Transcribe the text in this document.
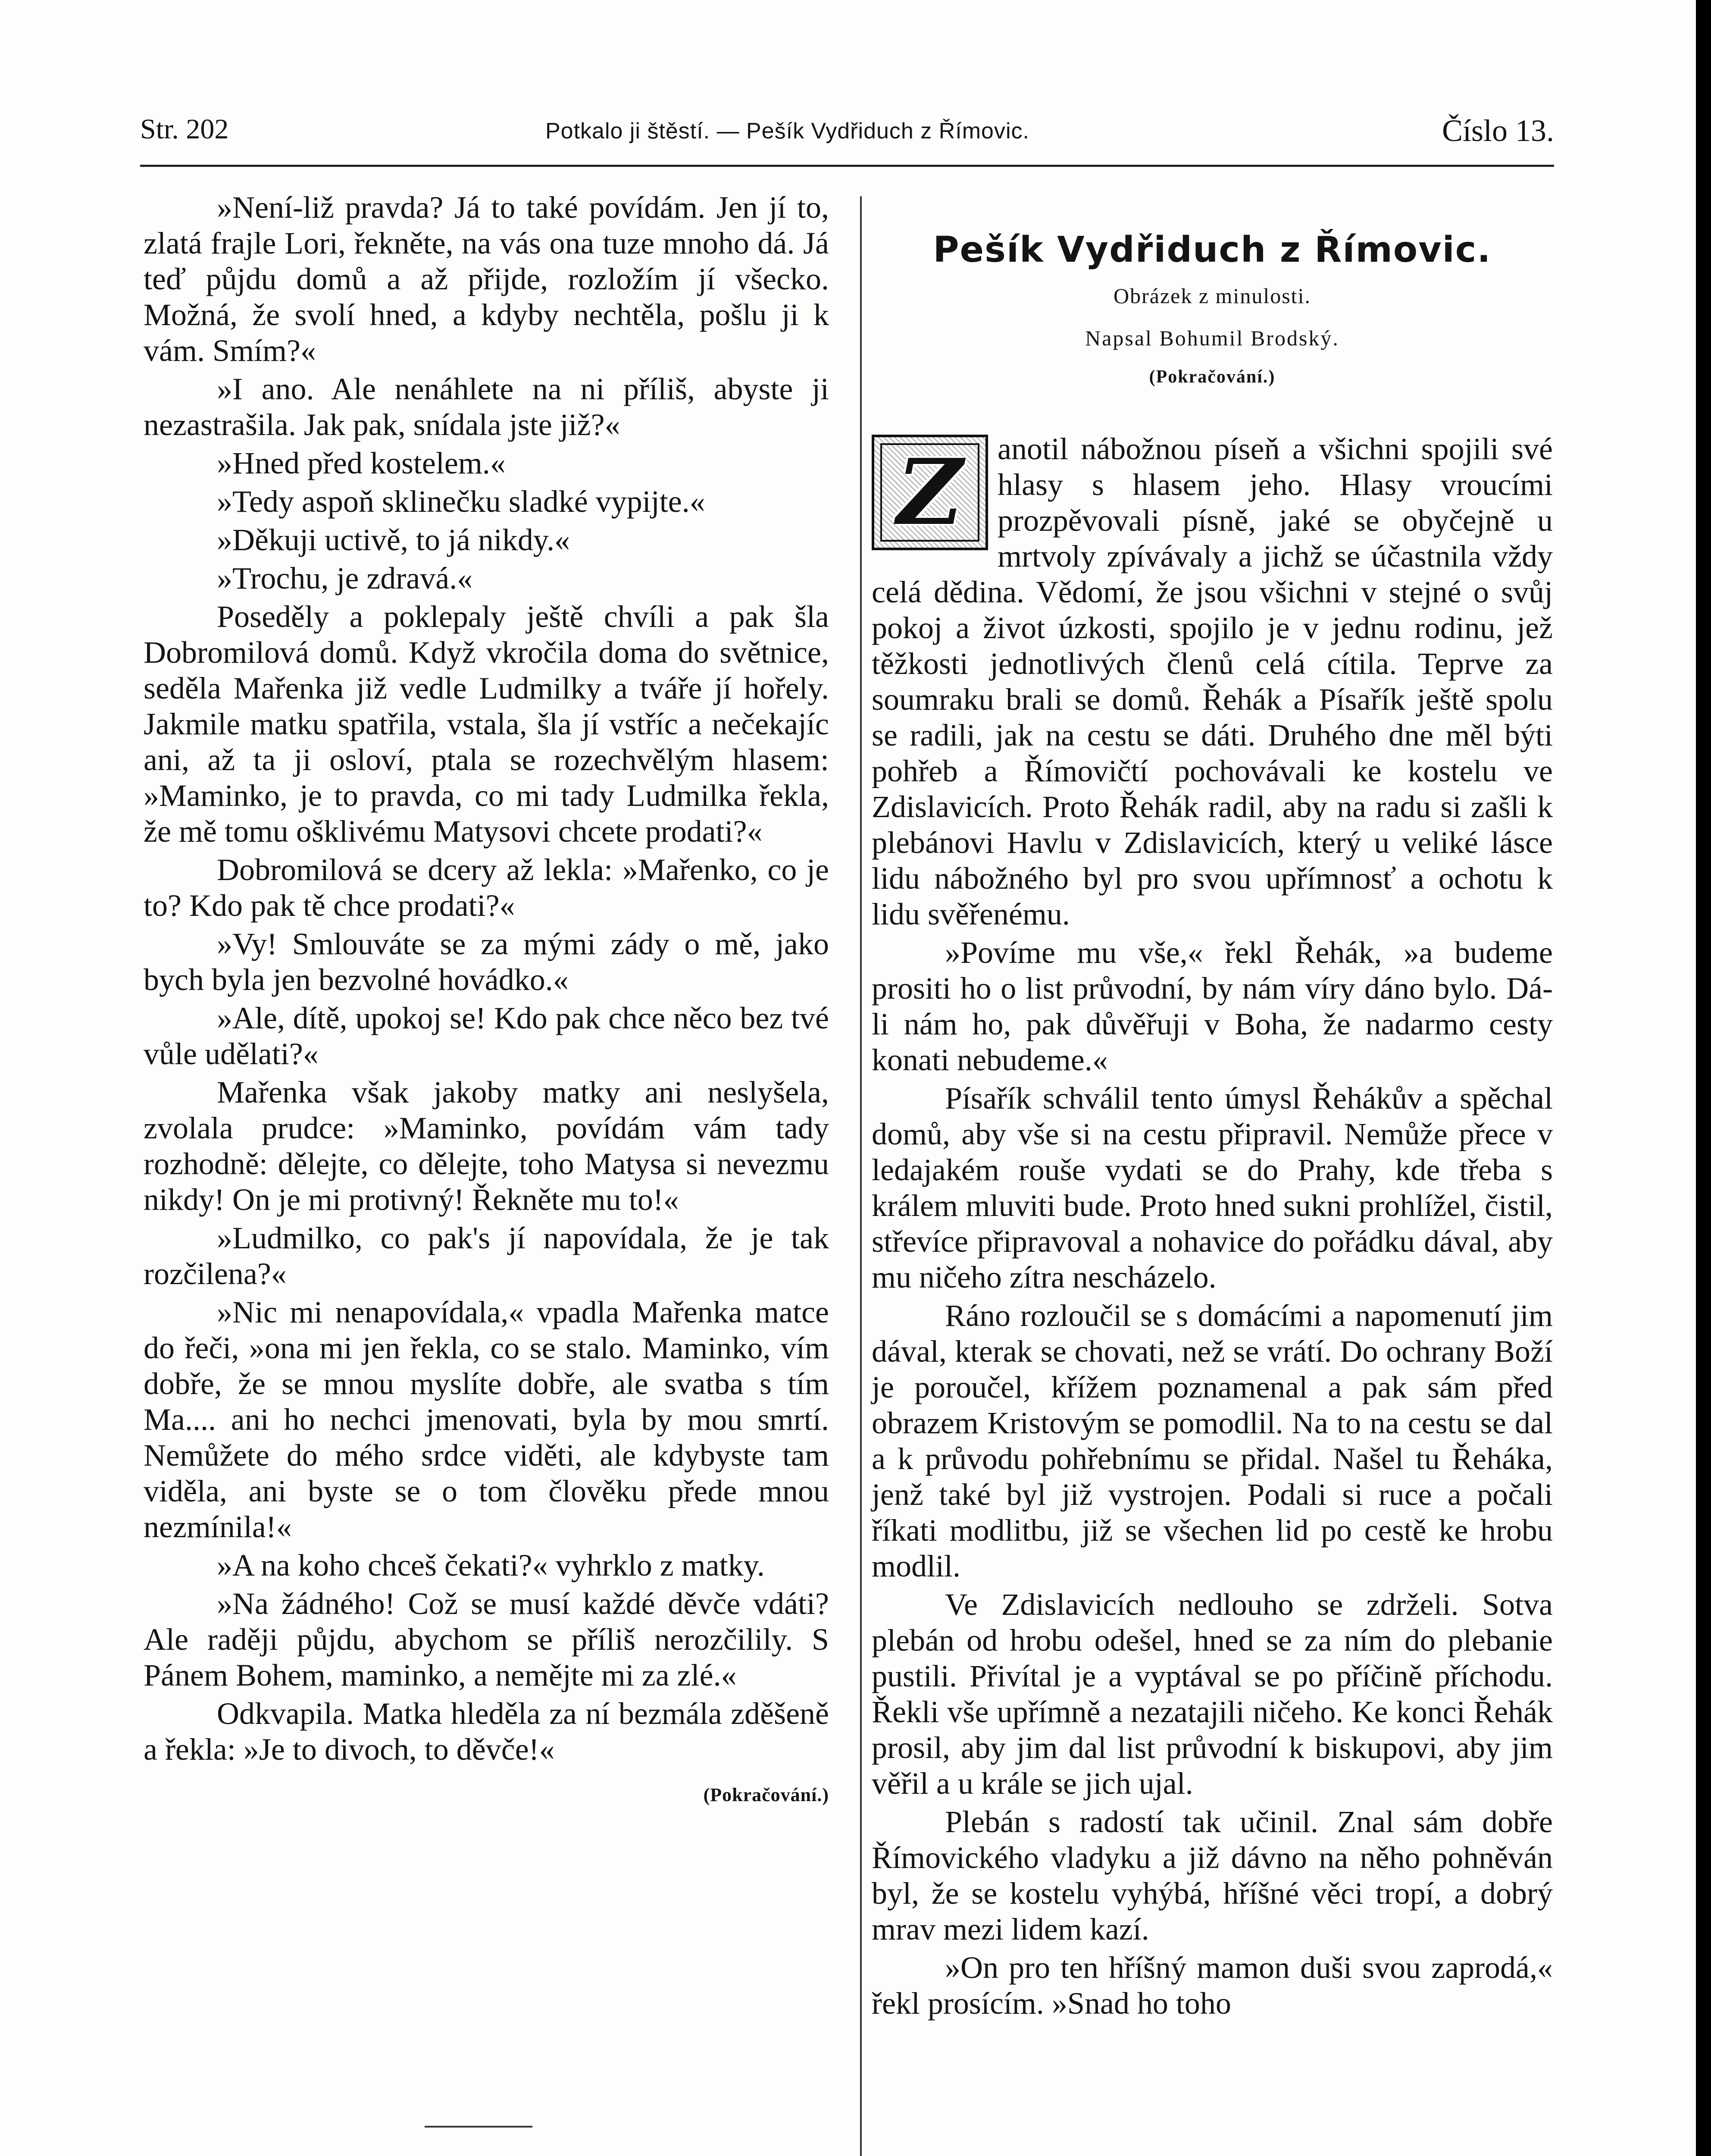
Str. 202	Potkalo ji štěstí. — Pešík Vydřiduch z Římovic.	Číslo 13.

»Není-liž pravda? Já to také povídám. Jen jí to, zlatá frajle Lori, řekněte, na vás ona tuze mnoho dá. Já teď půjdu domů a až přijde, rozložím jí všecko. Možná, že svolí hned, a kdyby nechtěla, pošlu ji k vám. Smím?«

»I ano. Ale nenáhlete na ni příliš, abyste ji nezastrašila. Jak pak, snídala jste již?«

»Hned před kostelem.«

»Tedy aspoň sklinečku sladké vypijte.«

»Děkuji uctivě, to já nikdy.«

»Trochu, je zdravá.«

Poseděly a poklepaly ještě chvíli a pak šla Dobromilová domů. Když vkročila doma do světnice, seděla Mařenka již vedle Ludmilky a tváře jí hořely. Jakmile matku spatřila, vstala, šla jí vstříc a nečekajíc ani, až ta ji osloví, ptala se rozechvělým hlasem: »Maminko, je to pravda, co mi tady Ludmilka řekla, že mě tomu ošklivému Matysovi chcete prodati?«

Dobromilová se dcery až lekla: »Mařenko, co je to? Kdo pak tě chce prodati?«

»Vy! Smlouváte se za mými zády o mě, jako bych byla jen bezvolné hovádko.«

»Ale, dítě, upokoj se! Kdo pak chce něco bez tvé vůle udělati?«

Mařenka však jakoby matky ani neslyšela, zvolala prudce: »Maminko, povídám vám tady rozhodně: dělejte, co dělejte, toho Matysa si nevezmu nikdy! On je mi protivný! Řekněte mu to!«

»Ludmilko, co pak's jí napovídala, že je tak rozčilena?«

»Nic mi nenapovídala,« vpadla Mařenka matce do řeči, »ona mi jen řekla, co se stalo. Maminko, vím dobře, že se mnou myslíte dobře, ale svatba s tím Ma.... ani ho nechci jmenovati, byla by mou smrtí. Nemůžete do mého srdce viděti, ale kdybyste tam viděla, ani byste se o tom člověku přede mnou nezmínila!«

»A na koho chceš čekati?« vyhrklo z matky.

»Na žádného! Což se musí každé děvče vdáti? Ale raději půjdu, abychom se příliš nerozčilily. S Pánem Bohem, maminko, a nemějte mi za zlé.«

Odkvapila. Matka hleděla za ní bezmála zděšeně a řekla: »Je to divoch, to děvče!«

(Pokračování.)
Pešík Vydřiduch z Římovic.
Obrázek z minulosti.
Napsal Bohumil Brodský.
(Pokračování.)
Z	anotil nábožnou píseň a všichni spojili své hlasy s hlasem jeho. Hlasy vroucími prozpěvovali písně, jaké se obyčejně u mrtvoly zpívávaly a jichž se účastnila vždy celá dědina. Vědomí, že jsou všichni v stejné o svůj pokoj a život úzkosti, spojilo je v jednu rodinu, jež těžkosti jednotlivých členů celá cítila. Teprve za soumraku brali se domů. Řehák a Písařík ještě spolu se radili, jak na cestu se dáti. Druhého dne měl býti pohřeb a Římovičtí pochovávali ke kostelu ve Zdislavicích. Proto Řehák radil, aby na radu si zašli k plebánovi Havlu v Zdislavicích, který u veliké lásce lidu nábožného byl pro svou upřímnosť a ochotu k lidu svěřenému.

»Povíme mu vše,« řekl Řehák, »a budeme prositi ho o list průvodní, by nám víry dáno bylo. Dá-li nám ho, pak důvěřuji v Boha, že nadarmo cesty konati nebudeme.«

Písařík schválil tento úmysl Řehákův a spěchal domů, aby vše si na cestu připravil. Nemůže přece v ledajakém rouše vydati se do Prahy, kde třeba s králem mluviti bude. Proto hned sukni prohlížel, čistil, střevíce připravoval a nohavice do pořádku dával, aby mu ničeho zítra nescházelo.

Ráno rozloučil se s domácími a napomenutí jim dával, kterak se chovati, než se vrátí. Do ochrany Boží je poroučel, křížem poznamenal a pak sám před obrazem Kristovým se pomodlil. Na to na cestu se dal a k průvodu pohřebnímu se přidal. Našel tu Řeháka, jenž také byl již vystrojen. Podali si ruce a počali říkati modlitbu, již se všechen lid po cestě ke hrobu modlil.

Ve Zdislavicích nedlouho se zdrželi. Sotva plebán od hrobu odešel, hned se za ním do plebanie pustili. Přivítal je a vyptával se po příčině příchodu. Řekli vše upřímně a nezatajili ničeho. Ke konci Řehák prosil, aby jim dal list průvodní k biskupovi, aby jim věřil a u krále se jich ujal.

Plebán s radostí tak učinil. Znal sám dobře Římovického vladyku a již dávno na něho pohněván byl, že se kostelu vyhýbá, hříšné věci tropí, a dobrý mrav mezi lidem kazí.

»On pro ten hříšný mamon duši svou zaprodá,« řekl prosícím. »Snad ho toho
